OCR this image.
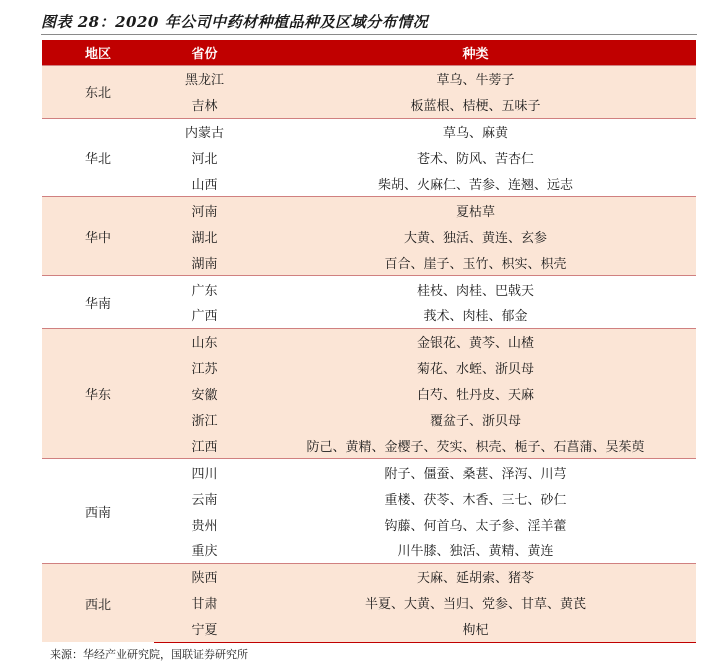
图表 28：2020 年公司中药材种植品种及区域分布情况
地区	省份	种类
东北	黑龙江	草乌、牛蒡子
	吉林	板蓝根、桔梗、五味子
华北	内蒙古	草乌、麻黄
	河北	苍术、防风、苦杏仁
	山西	柴胡、火麻仁、苦参、连翘、远志
华中	河南	夏枯草
	湖北	大黄、独活、黄连、玄参
	湖南	百合、崖子、玉竹、枳实、枳壳
华南	广东	桂枝、肉桂、巴戟天
	广西	莪术、肉桂、郁金
华东	山东	金银花、黄芩、山楂
	江苏	菊花、水蛭、浙贝母
	安徽	白芍、牡丹皮、天麻
	浙江	覆盆子、浙贝母
	江西	防己、黄精、金樱子、芡实、枳壳、栀子、石菖蒲、吴茱萸
西南	四川	附子、僵蚕、桑葚、泽泻、川芎
	云南	重楼、茯苓、木香、三七、砂仁
	贵州	钩藤、何首乌、太子参、淫羊藿
	重庆	川牛膝、独活、黄精、黄连
西北	陕西	天麻、延胡索、猪苓
	甘肃	半夏、大黄、当归、党参、甘草、黄芪
	宁夏	枸杞
来源：华经产业研究院，国联证券研究所
